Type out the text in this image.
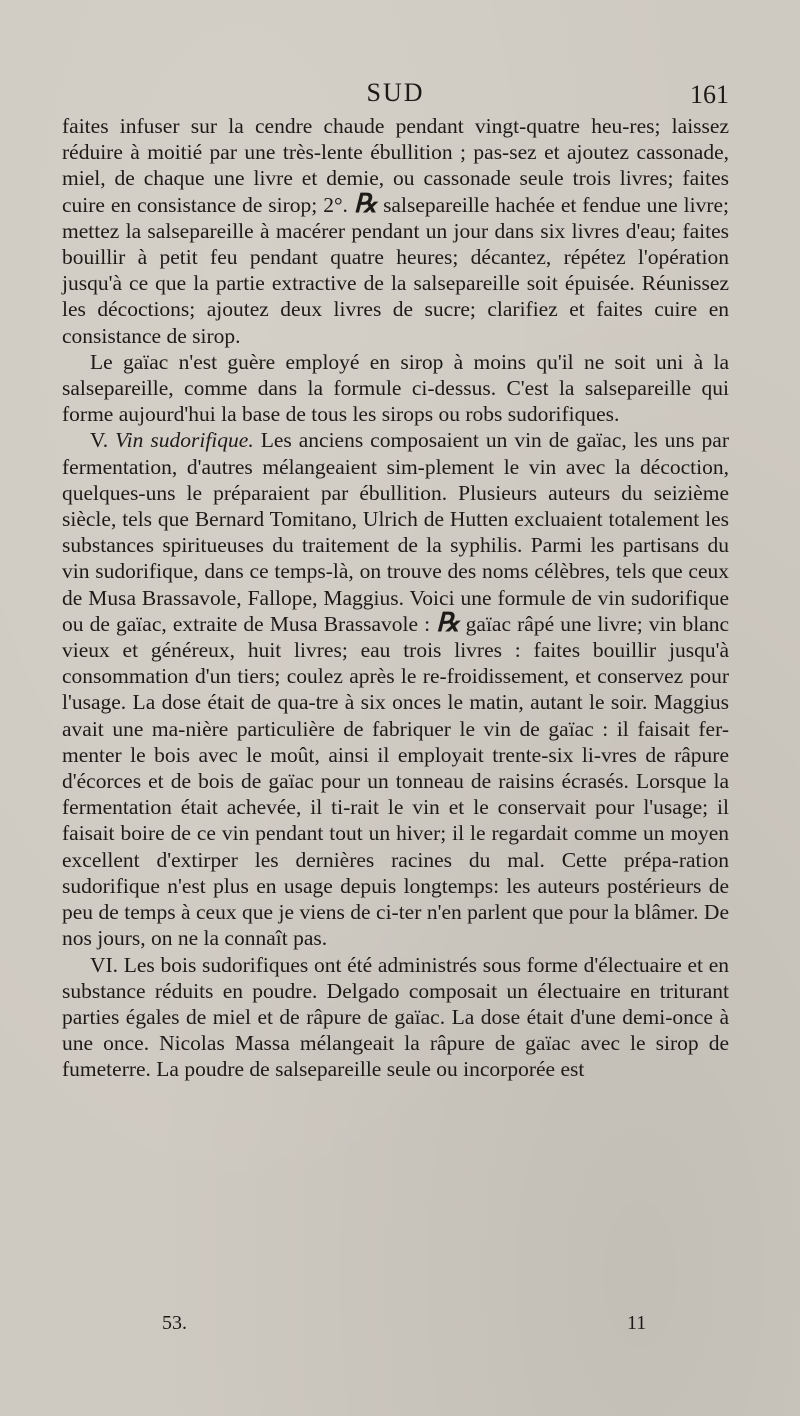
SUD	161

faites infuser sur la cendre chaude pendant vingt-quatre heu-res; laissez réduire à moitié par une très-lente ébullition ; pas-sez et ajoutez cassonade, miel, de chaque une livre et demie, ou cassonade seule trois livres; faites cuire en consistance de sirop; 2°. ℞ salsepareille hachée et fendue une livre; mettez la salsepareille à macérer pendant un jour dans six livres d'eau; faites bouillir à petit feu pendant quatre heures; décantez, répétez l'opération jusqu'à ce que la partie extractive de la salsepareille soit épuisée. Réunissez les décoctions; ajoutez deux livres de sucre; clarifiez et faites cuire en consistance de sirop.

Le gaïac n'est guère employé en sirop à moins qu'il ne soit uni à la salsepareille, comme dans la formule ci-dessus. C'est la salsepareille qui forme aujourd'hui la base de tous les sirops ou robs sudorifiques.

V. Vin sudorifique. Les anciens composaient un vin de gaïac, les uns par fermentation, d'autres mélangeaient sim-plement le vin avec la décoction, quelques-uns le préparaient par ébullition. Plusieurs auteurs du seizième siècle, tels que Bernard Tomitano, Ulrich de Hutten excluaient totalement les substances spiritueuses du traitement de la syphilis. Parmi les partisans du vin sudorifique, dans ce temps-là, on trouve des noms célèbres, tels que ceux de Musa Brassavole, Fallope, Maggius. Voici une formule de vin sudorifique ou de gaïac, extraite de Musa Brassavole : ℞ gaïac râpé une livre; vin blanc vieux et généreux, huit livres; eau trois livres : faites bouillir jusqu'à consommation d'un tiers; coulez après le re-froidissement, et conservez pour l'usage. La dose était de qua-tre à six onces le matin, autant le soir. Maggius avait une ma-nière particulière de fabriquer le vin de gaïac : il faisait fer-menter le bois avec le moût, ainsi il employait trente-six li-vres de râpure d'écorces et de bois de gaïac pour un tonneau de raisins écrasés. Lorsque la fermentation était achevée, il ti-rait le vin et le conservait pour l'usage; il faisait boire de ce vin pendant tout un hiver; il le regardait comme un moyen excellent d'extirper les dernières racines du mal. Cette prépa-ration sudorifique n'est plus en usage depuis longtemps: les auteurs postérieurs de peu de temps à ceux que je viens de ci-ter n'en parlent que pour la blâmer. De nos jours, on ne la connaît pas.

VI. Les bois sudorifiques ont été administrés sous forme d'électuaire et en substance réduits en poudre. Delgado composait un électuaire en triturant parties égales de miel et de râpure de gaïac. La dose était d'une demi-once à une once. Nicolas Massa mélangeait la râpure de gaïac avec le sirop de fumeterre. La poudre de salsepareille seule ou incorporée est

53.	11
